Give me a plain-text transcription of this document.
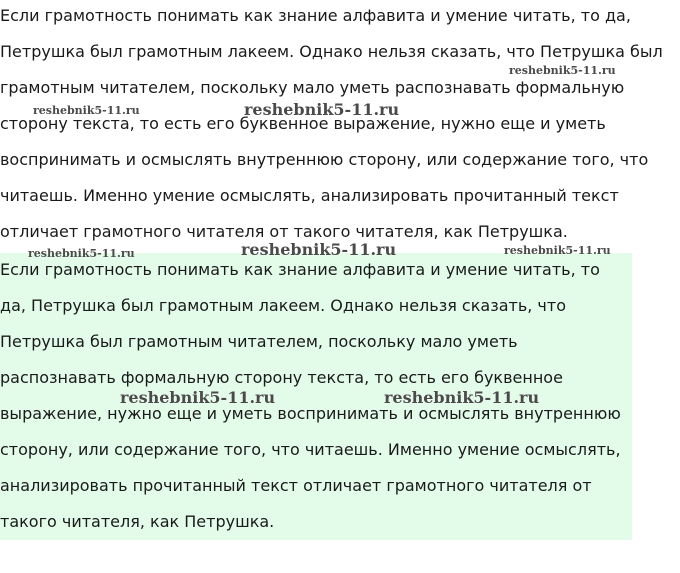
Если грамотность понимать как знание алфавита и умение читать, то да, Петрушка был грамотным лакеем. Однако нельзя сказать, что Петрушка был грамотным читателем, поскольку мало уметь распознавать формальную сторону текста, то есть его буквенное выражение, нужно еще и уметь воспринимать и осмыслять внутреннюю сторону, или содержание того, что читаешь. Именно умение осмыслять, анализировать прочитанный текст отличает грамотного читателя от такого читателя, как Петрушка.

Если грамотность понимать как знание алфавита и умение читать, то да, Петрушка был грамотным лакеем. Однако нельзя сказать, что Петрушка был грамотным читателем, поскольку мало уметь распознавать формальную сторону текста, то есть его буквенное выражение, нужно еще и уметь воспринимать и осмыслять внутреннюю сторону, или содержание того, что читаешь. Именно умение осмыслять, анализировать прочитанный текст отличает грамотного читателя от такого читателя, как Петрушка.

reshebnik5-11.ru
reshebnik5-11.ru	reshebnik5-11.ru
reshebnik5-11.ru	reshebnik5-11.ru	reshebnik5-11.ru
reshebnik5-11.ru	reshebnik5-11.ru
